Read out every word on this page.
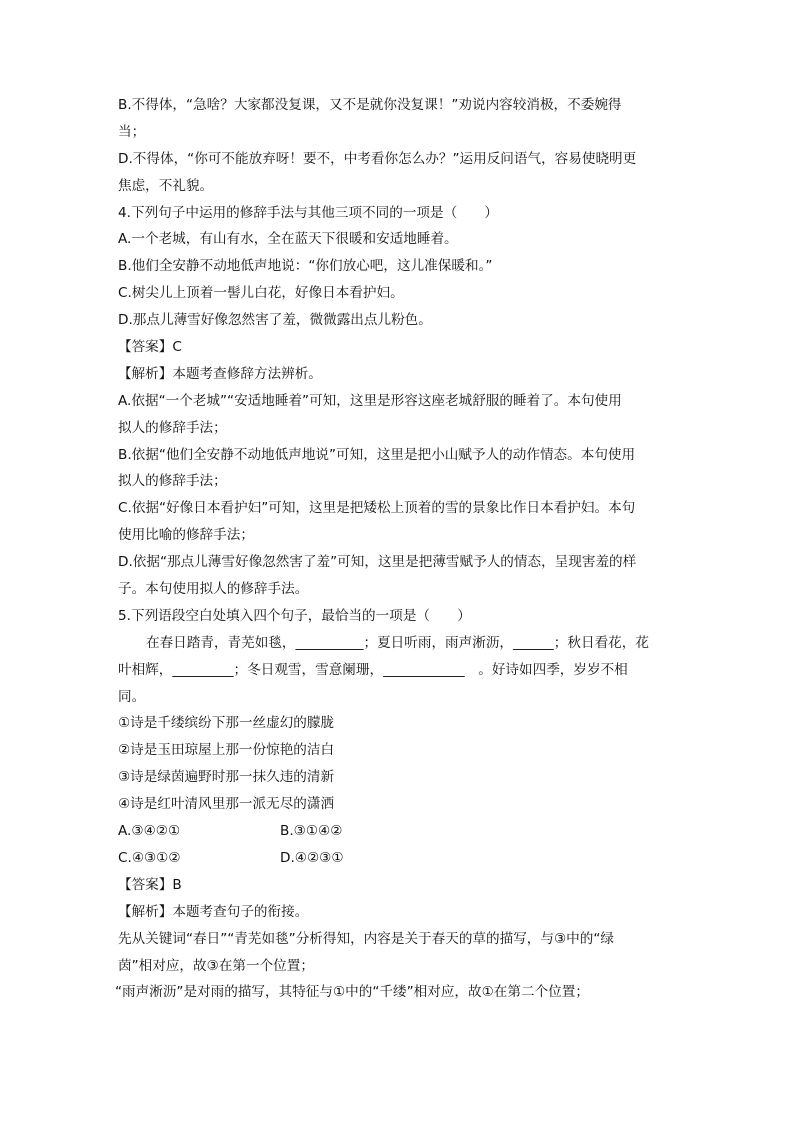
B.不得体，“急啥？大家都没复课，又不是就你没复课！”劝说内容较消极，不委婉得
当；
D.不得体，“你可不能放弃呀！要不，中考看你怎么办？”运用反问语气，容易使晓明更
焦虑，不礼貌。
4.下列句子中运用的修辞手法与其他三项不同的一项是（　　）
A.一个老城，有山有水，全在蓝天下很暖和安适地睡着。
B.他们全安静不动地低声地说：“你们放心吧，这儿准保暖和。”
C.树尖儿上顶着一髻儿白花，好像日本看护妇。
D.那点儿薄雪好像忽然害了羞，微微露出点儿粉色。
【答案】C
【解析】本题考查修辞方法辨析。
A.依据“一个老城”“安适地睡着”可知，这里是形容这座老城舒服的睡着了。本句使用
拟人的修辞手法；
B.依据“他们全安静不动地低声地说”可知，这里是把小山赋予人的动作情态。本句使用
拟人的修辞手法；
C.依据“好像日本看护妇”可知，这里是把矮松上顶着的雪的景象比作日本看护妇。本句
使用比喻的修辞手法；
D.依据“那点儿薄雪好像忽然害了羞”可知，这里是把薄雪赋予人的情态，呈现害羞的样
子。本句使用拟人的修辞手法。
5.下列语段空白处填入四个句子，最恰当的一项是（　　）
在春日踏青，青芜如毯，__________；夏日听雨，雨声淅沥，______；秋日看花，花
叶相辉，_________；冬日观雪，雪意阑珊，____________　。好诗如四季，岁岁不相
同。
①诗是千缕缤纷下那一丝虚幻的朦胧
②诗是玉田琼屋上那一份惊艳的洁白
③诗是绿茵遍野时那一抹久违的清新
④诗是红叶清风里那一派无尽的潇洒
A.③④②①	B.③①④②
C.④③①②	D.④②③①
【答案】B
【解析】本题考查句子的衔接。
先从关键词“春日”“青芜如毯”分析得知，内容是关于春天的草的描写，与③中的“绿
茵”相对应，故③在第一个位置；
“雨声淅沥”是对雨的描写，其特征与①中的“千缕”相对应，故①在第二个位置；
